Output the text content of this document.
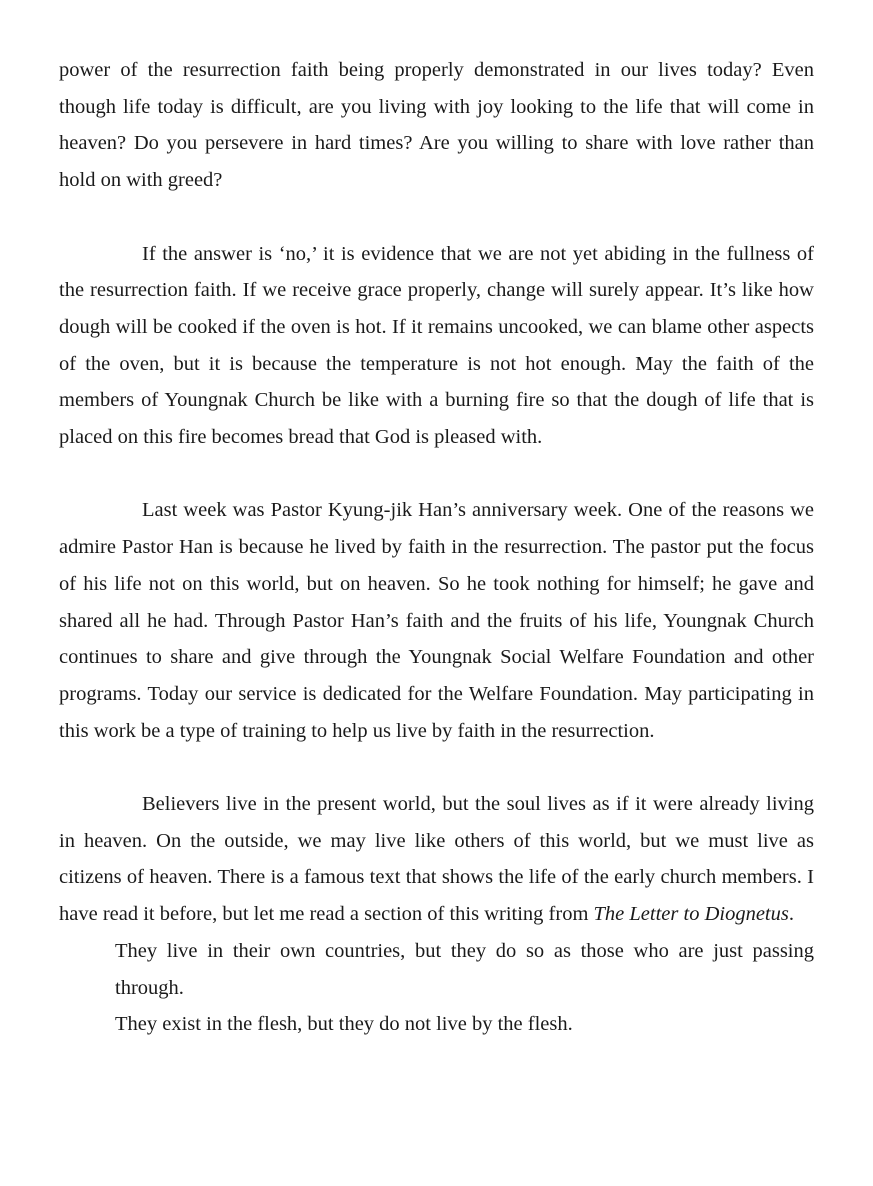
power of the resurrection faith being properly demonstrated in our lives today? Even though life today is difficult, are you living with joy looking to the life that will come in heaven? Do you persevere in hard times? Are you willing to share with love rather than hold on with greed?

If the answer is ‘no,’ it is evidence that we are not yet abiding in the fullness of the resurrection faith. If we receive grace properly, change will surely appear. It’s like how dough will be cooked if the oven is hot. If it remains uncooked, we can blame other aspects of the oven, but it is because the temperature is not hot enough. May the faith of the members of Youngnak Church be like with a burning fire so that the dough of life that is placed on this fire becomes bread that God is pleased with.

Last week was Pastor Kyung-jik Han’s anniversary week. One of the reasons we admire Pastor Han is because he lived by faith in the resurrection. The pastor put the focus of his life not on this world, but on heaven. So he took nothing for himself; he gave and shared all he had. Through Pastor Han’s faith and the fruits of his life, Youngnak Church continues to share and give through the Youngnak Social Welfare Foundation and other programs. Today our service is dedicated for the Welfare Foundation. May participating in this work be a type of training to help us live by faith in the resurrection.

Believers live in the present world, but the soul lives as if it were already living in heaven. On the outside, we may live like others of this world, but we must live as citizens of heaven. There is a famous text that shows the life of the early church members. I have read it before, but let me read a section of this writing from The Letter to Diognetus.

They live in their own countries, but they do so as those who are just passing through.

They exist in the flesh, but they do not live by the flesh.
